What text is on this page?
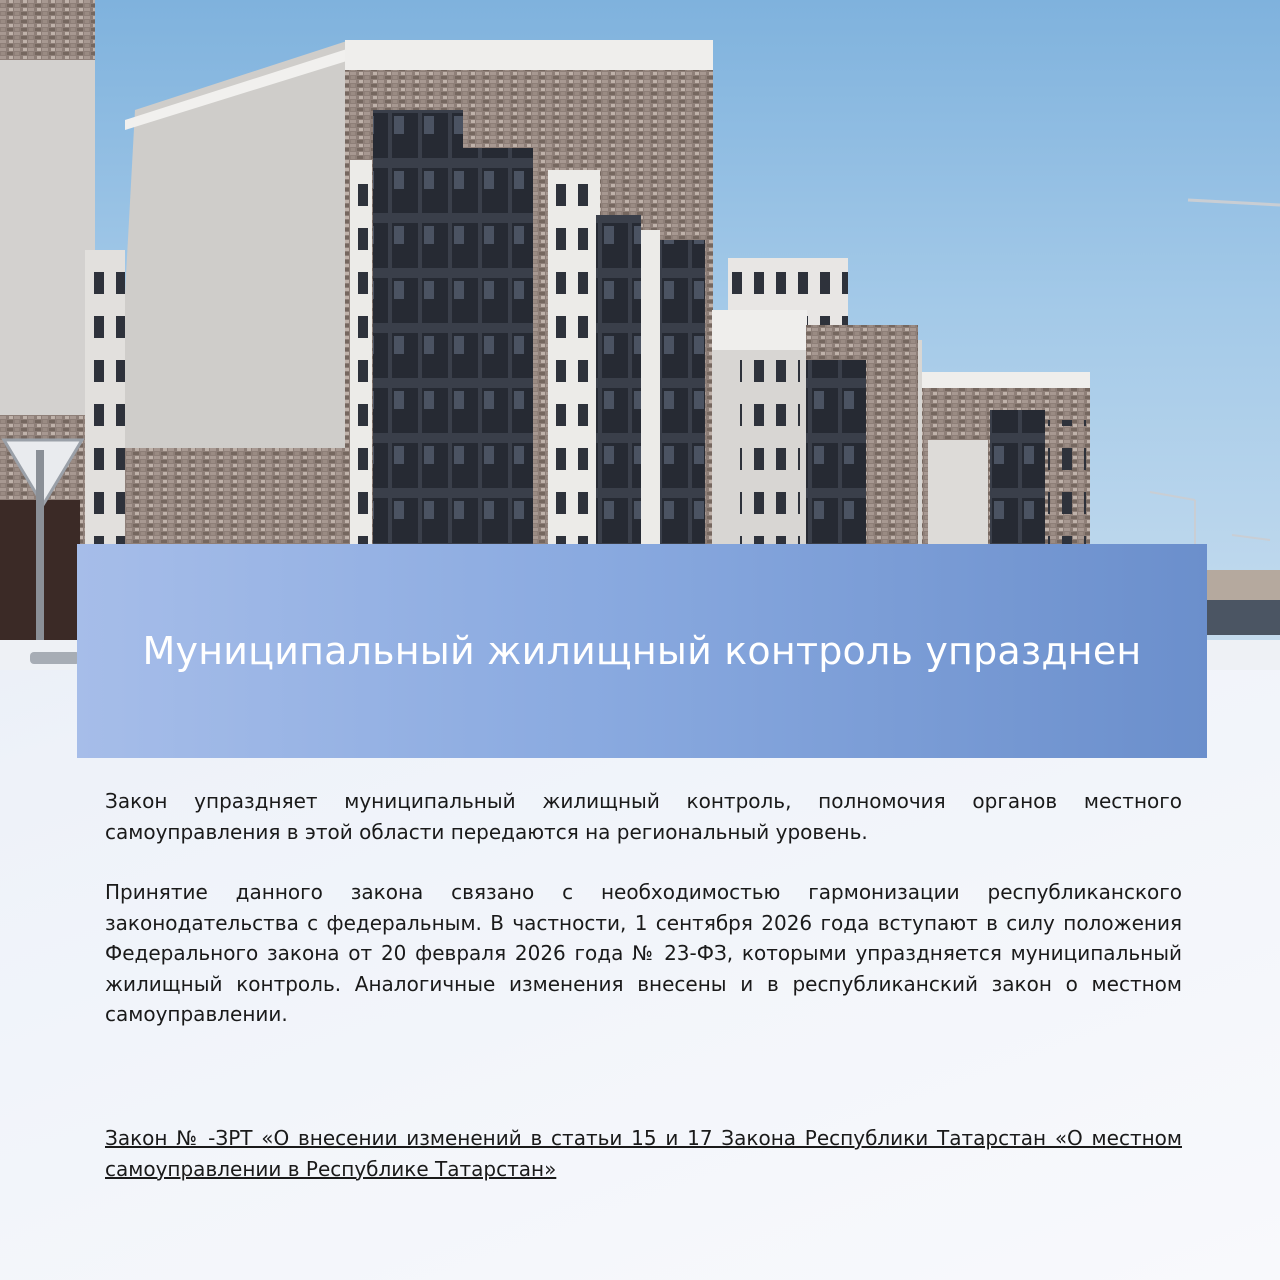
Муниципальный жилищный контроль упразднен

Закон упраздняет муниципальный жилищный контроль, полномочия органов местного самоуправления в этой области передаются на региональный уровень.

Принятие данного закона связано с необходимостью гармонизации республиканского законодательства с федеральным. В частности, 1 сентября 2026 года вступают в силу положения Федерального закона от 20 февраля 2026 года № 23-ФЗ, которыми упраздняется муниципальный жилищный контроль. Аналогичные изменения внесены и в республиканский закон о местном самоуправлении.

Закон № -ЗРТ «О внесении изменений в статьи 15 и 17 Закона Республики Татарстан «О местном самоуправлении в Республике Татарстан»
